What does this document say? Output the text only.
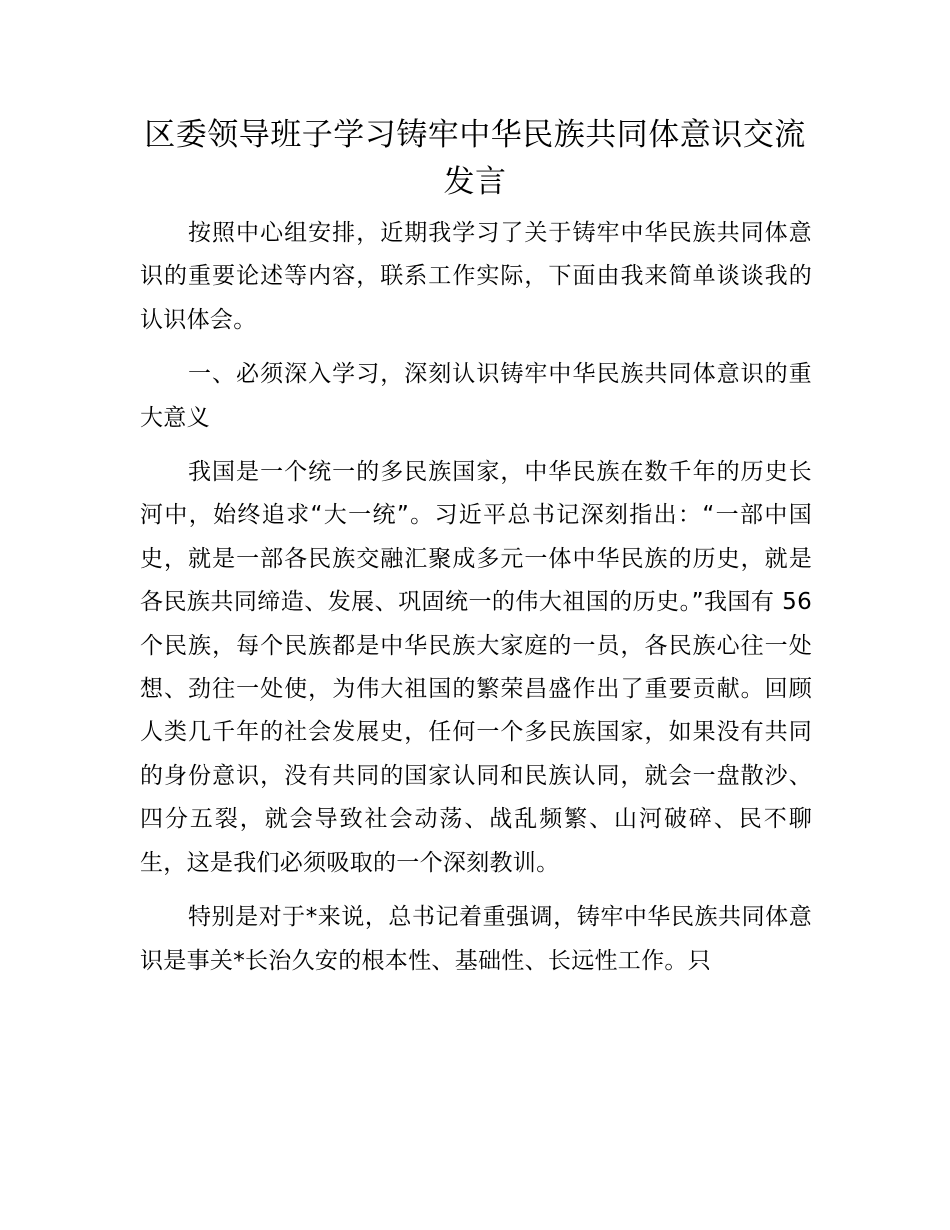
区委领导班子学习铸牢中华民族共同体意识交流发言

按照中心组安排，近期我学习了关于铸牢中华民族共同体意识的重要论述等内容，联系工作实际，下面由我来简单谈谈我的认识体会。

一、必须深入学习，深刻认识铸牢中华民族共同体意识的重大意义

我国是一个统一的多民族国家，中华民族在数千年的历史长河中，始终追求“大一统”。习近平总书记深刻指出：“一部中国史，就是一部各民族交融汇聚成多元一体中华民族的历史，就是各民族共同缔造、发展、巩固统一的伟大祖国的历史。”我国有 56 个民族，每个民族都是中华民族大家庭的一员，各民族心往一处想、劲往一处使，为伟大祖国的繁荣昌盛作出了重要贡献。回顾人类几千年的社会发展史，任何一个多民族国家，如果没有共同的身份意识，没有共同的国家认同和民族认同，就会一盘散沙、四分五裂，就会导致社会动荡、战乱频繁、山河破碎、民不聊生，这是我们必须吸取的一个深刻教训。

特别是对于*来说，总书记着重强调，铸牢中华民族共同体意识是事关*长治久安的根本性、基础性、长远性工作。只
